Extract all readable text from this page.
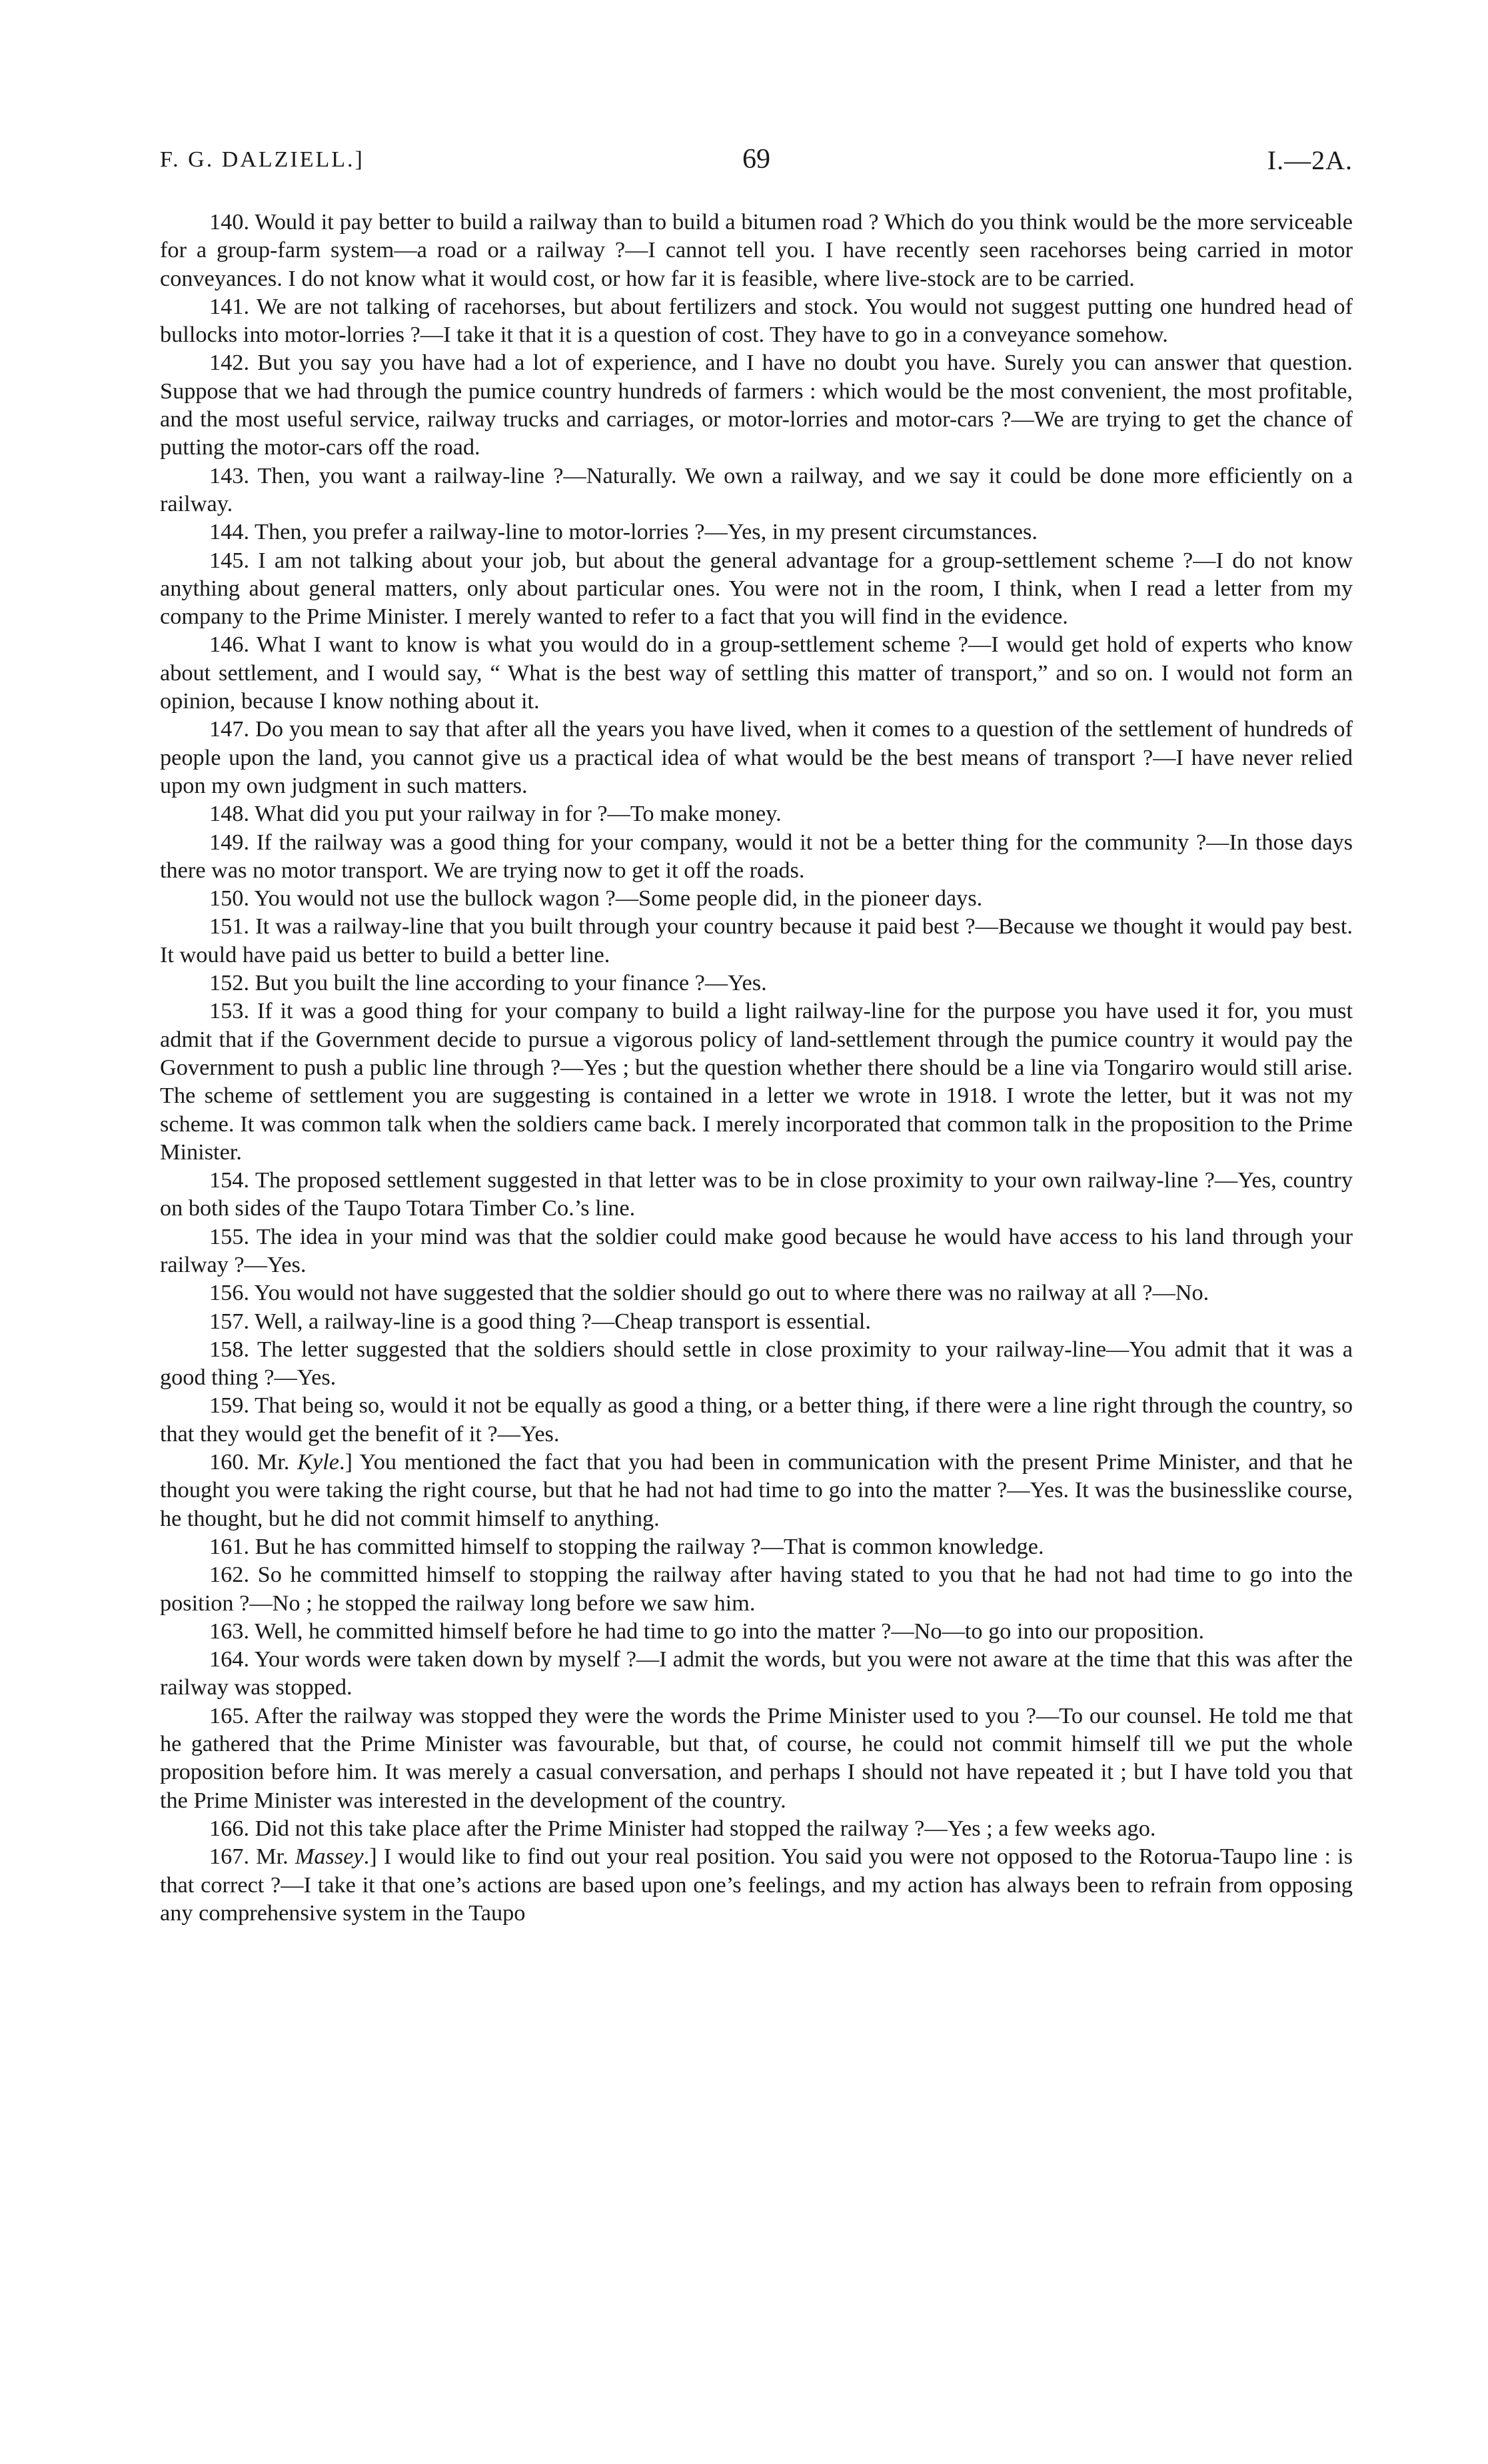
F. G. DALZIELL.]	69	I.—2A.

140. Would it pay better to build a railway than to build a bitumen road ? Which do you think would be the more serviceable for a group-farm system—a road or a railway ?—I cannot tell you. I have recently seen racehorses being carried in motor conveyances. I do not know what it would cost, or how far it is feasible, where live-stock are to be carried.

141. We are not talking of racehorses, but about fertilizers and stock. You would not suggest putting one hundred head of bullocks into motor-lorries ?—I take it that it is a question of cost. They have to go in a conveyance somehow.

142. But you say you have had a lot of experience, and I have no doubt you have. Surely you can answer that question. Suppose that we had through the pumice country hundreds of farmers : which would be the most convenient, the most profitable, and the most useful service, railway trucks and carriages, or motor-lorries and motor-cars ?—We are trying to get the chance of putting the motor-cars off the road.

143. Then, you want a railway-line ?—Naturally. We own a railway, and we say it could be done more efficiently on a railway.

144. Then, you prefer a railway-line to motor-lorries ?—Yes, in my present circumstances.

145. I am not talking about your job, but about the general advantage for a group-settlement scheme ?—I do not know anything about general matters, only about particular ones. You were not in the room, I think, when I read a letter from my company to the Prime Minister. I merely wanted to refer to a fact that you will find in the evidence.

146. What I want to know is what you would do in a group-settlement scheme ?—I would get hold of experts who know about settlement, and I would say, “ What is the best way of settling this matter of transport,” and so on. I would not form an opinion, because I know nothing about it.

147. Do you mean to say that after all the years you have lived, when it comes to a question of the settlement of hundreds of people upon the land, you cannot give us a practical idea of what would be the best means of transport ?—I have never relied upon my own judgment in such matters.

148. What did you put your railway in for ?—To make money.

149. If the railway was a good thing for your company, would it not be a better thing for the community ?—In those days there was no motor transport. We are trying now to get it off the roads.

150. You would not use the bullock wagon ?—Some people did, in the pioneer days.

151. It was a railway-line that you built through your country because it paid best ?—Because we thought it would pay best. It would have paid us better to build a better line.

152. But you built the line according to your finance ?—Yes.

153. If it was a good thing for your company to build a light railway-line for the purpose you have used it for, you must admit that if the Government decide to pursue a vigorous policy of land-settlement through the pumice country it would pay the Government to push a public line through ?—Yes ; but the question whether there should be a line via Tongariro would still arise. The scheme of settlement you are suggesting is contained in a letter we wrote in 1918. I wrote the letter, but it was not my scheme. It was common talk when the soldiers came back. I merely incorporated that common talk in the proposition to the Prime Minister.

154. The proposed settlement suggested in that letter was to be in close proximity to your own railway-line ?—Yes, country on both sides of the Taupo Totara Timber Co.’s line.

155. The idea in your mind was that the soldier could make good because he would have access to his land through your railway ?—Yes.

156. You would not have suggested that the soldier should go out to where there was no railway at all ?—No.

157. Well, a railway-line is a good thing ?—Cheap transport is essential.

158. The letter suggested that the soldiers should settle in close proximity to your railway-line—You admit that it was a good thing ?—Yes.

159. That being so, would it not be equally as good a thing, or a better thing, if there were a line right through the country, so that they would get the benefit of it ?—Yes.

160. Mr. Kyle.] You mentioned the fact that you had been in communication with the present Prime Minister, and that he thought you were taking the right course, but that he had not had time to go into the matter ?—Yes. It was the businesslike course, he thought, but he did not commit himself to anything.

161. But he has committed himself to stopping the railway ?—That is common knowledge.

162. So he committed himself to stopping the railway after having stated to you that he had not had time to go into the position ?—No ; he stopped the railway long before we saw him.

163. Well, he committed himself before he had time to go into the matter ?—No—to go into our proposition.

164. Your words were taken down by myself ?—I admit the words, but you were not aware at the time that this was after the railway was stopped.

165. After the railway was stopped they were the words the Prime Minister used to you ?—To our counsel. He told me that he gathered that the Prime Minister was favourable, but that, of course, he could not commit himself till we put the whole proposition before him. It was merely a casual conversation, and perhaps I should not have repeated it ; but I have told you that the Prime Minister was interested in the development of the country.

166. Did not this take place after the Prime Minister had stopped the railway ?—Yes ; a few weeks ago.

167. Mr. Massey.] I would like to find out your real position. You said you were not opposed to the Rotorua-Taupo line : is that correct ?—I take it that one’s actions are based upon one’s feelings, and my action has always been to refrain from opposing any comprehensive system in the Taupo
